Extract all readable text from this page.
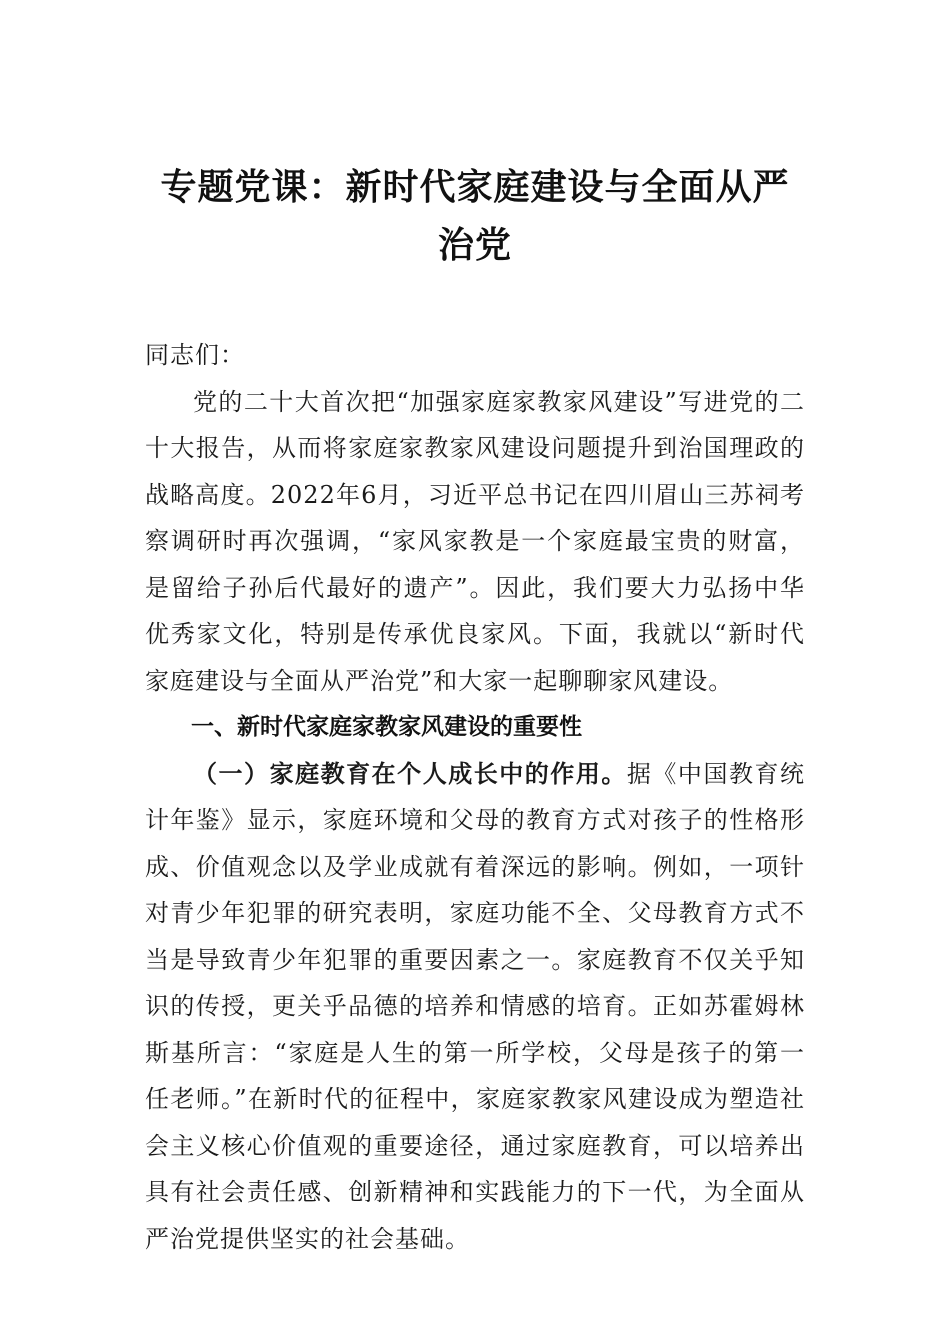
专题党课：新时代家庭建设与全面从严治党

同志们：

党的二十大首次把“加强家庭家教家风建设”写进党的二十大报告，从而将家庭家教家风建设问题提升到治国理政的战略高度。2022年6月，习近平总书记在四川眉山三苏祠考察调研时再次强调，“家风家教是一个家庭最宝贵的财富，是留给子孙后代最好的遗产”。因此，我们要大力弘扬中华优秀家文化，特别是传承优良家风。下面，我就以“新时代家庭建设与全面从严治党”和大家一起聊聊家风建设。

一、新时代家庭家教家风建设的重要性

（一）家庭教育在个人成长中的作用。据《中国教育统计年鉴》显示，家庭环境和父母的教育方式对孩子的性格形成、价值观念以及学业成就有着深远的影响。例如，一项针对青少年犯罪的研究表明，家庭功能不全、父母教育方式不当是导致青少年犯罪的重要因素之一。家庭教育不仅关乎知识的传授，更关乎品德的培养和情感的培育。正如苏霍姆林斯基所言：“家庭是人生的第一所学校，父母是孩子的第一任老师。”在新时代的征程中，家庭家教家风建设成为塑造社会主义核心价值观的重要途径，通过家庭教育，可以培养出具有社会责任感、创新精神和实践能力的下一代，为全面从严治党提供坚实的社会基础。
